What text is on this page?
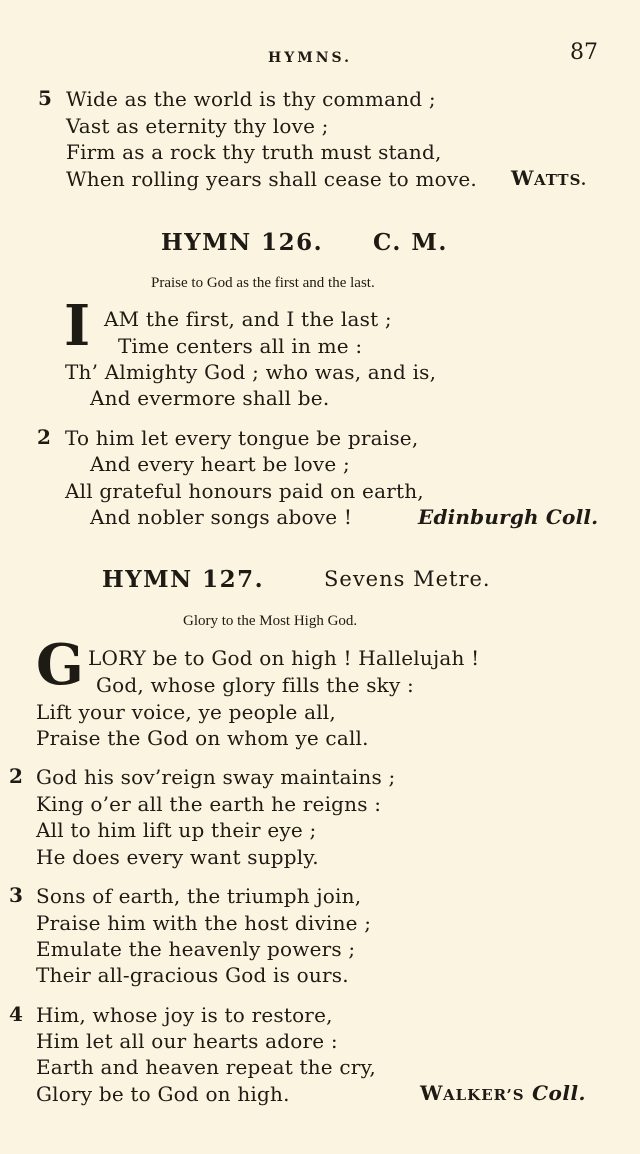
HYMNS.	87
5 Wide as the world is thy command ;
Vast as eternity thy love ;
Firm as a rock thy truth must stand,
When rolling years shall cease to move. WATTS.
HYMN 126. C. M.
Praise to God as the first and the last.
I AM the first, and I the last ;
Time centers all in me :
Th’ Almighty God ; who was, and is,
And evermore shall be.
2 To him let every tongue be praise,
And every heart be love ;
All grateful honours paid on earth,
And nobler songs above !	Edinburgh Coll.
HYMN 127.	Sevens Metre.
Glory to the Most High God.
G LORY be to God on high ! Hallelujah !
God, whose glory fills the sky :
Lift your voice, ye people all,
Praise the God on whom ye call.
2 God his sov’reign sway maintains ;
King o’er all the earth he reigns :
All to him lift up their eye ;
He does every want supply.
3 Sons of earth, the triumph join,
Praise him with the host divine ;
Emulate the heavenly powers ;
Their all-gracious God is ours.
4 Him, whose joy is to restore,
Him let all our hearts adore :
Earth and heaven repeat the cry,
Glory be to God on high.	WALKER’S Coll.
